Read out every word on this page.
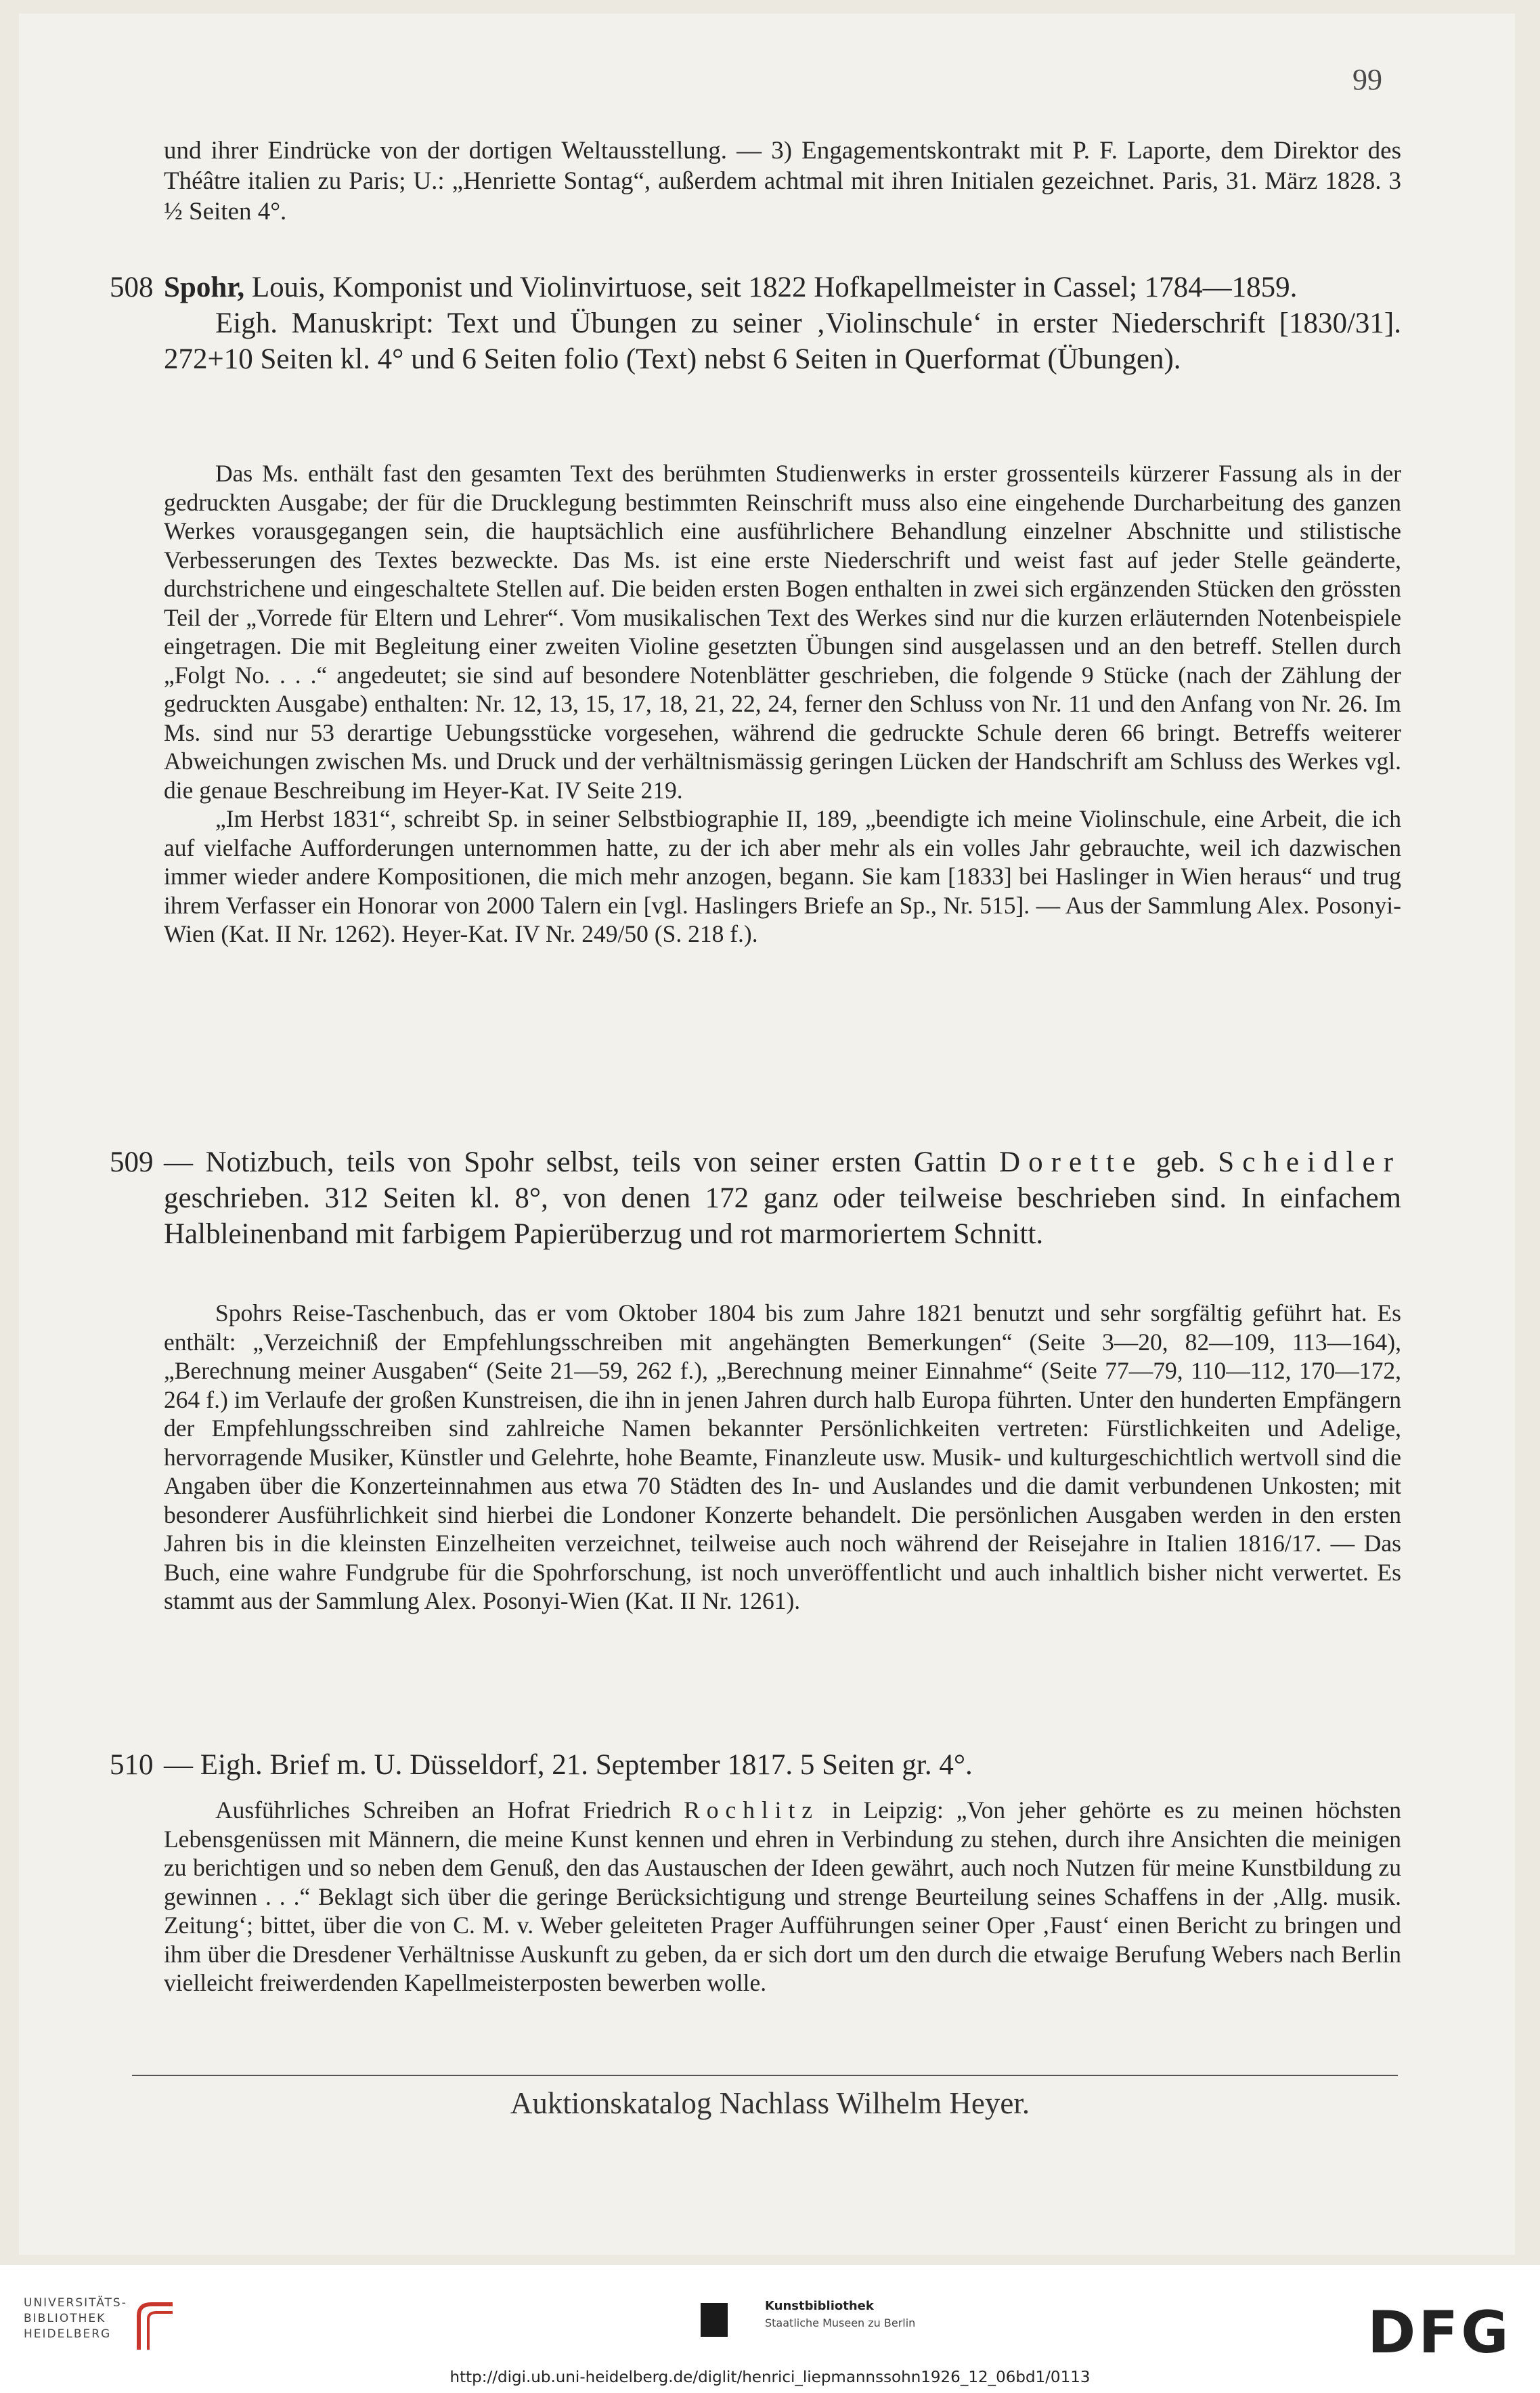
99

und ihrer Eindrücke von der dortigen Weltausstellung. — 3) Engagementskontrakt mit P. F. Laporte, dem Direktor des Théâtre italien zu Paris; U.: „Henriette Sontag“, außerdem achtmal mit ihren Initialen gezeichnet. Paris, 31. März 1828. 3 ½ Seiten 4°.

508 Spohr, Louis, Komponist und Violinvirtuose, seit 1822 Hofkapellmeister in Cassel; 1784—1859.

Eigh. Manuskript: Text und Übungen zu seiner ‚Violinschule‘ in erster Niederschrift [1830/31]. 272+10 Seiten kl. 4° und 6 Seiten folio (Text) nebst 6 Seiten in Querformat (Übungen).

Das Ms. enthält fast den gesamten Text des berühmten Studienwerks in erster grossenteils kürzerer Fassung als in der gedruckten Ausgabe; der für die Drucklegung bestimmten Reinschrift muss also eine eingehende Durcharbeitung des ganzen Werkes vorausgegangen sein, die hauptsächlich eine ausführlichere Behandlung einzelner Abschnitte und stilistische Verbesserungen des Textes bezweckte. Das Ms. ist eine erste Niederschrift und weist fast auf jeder Stelle geänderte, durchstrichene und eingeschaltete Stellen auf. Die beiden ersten Bogen enthalten in zwei sich ergänzenden Stücken den grössten Teil der „Vorrede für Eltern und Lehrer“. Vom musikalischen Text des Werkes sind nur die kurzen erläuternden Notenbeispiele eingetragen. Die mit Begleitung einer zweiten Violine gesetzten Übungen sind ausgelassen und an den betreff. Stellen durch „Folgt No. . . .“ angedeutet; sie sind auf besondere Notenblätter geschrieben, die folgende 9 Stücke (nach der Zählung der gedruckten Ausgabe) enthalten: Nr. 12, 13, 15, 17, 18, 21, 22, 24, ferner den Schluss von Nr. 11 und den Anfang von Nr. 26. Im Ms. sind nur 53 derartige Uebungsstücke vorgesehen, während die gedruckte Schule deren 66 bringt. Betreffs weiterer Abweichungen zwischen Ms. und Druck und der verhältnismässig geringen Lücken der Handschrift am Schluss des Werkes vgl. die genaue Beschreibung im Heyer-Kat. IV Seite 219.

„Im Herbst 1831“, schreibt Sp. in seiner Selbstbiographie II, 189, „beendigte ich meine Violinschule, eine Arbeit, die ich auf vielfache Aufforderungen unternommen hatte, zu der ich aber mehr als ein volles Jahr gebrauchte, weil ich dazwischen immer wieder andere Kompositionen, die mich mehr anzogen, begann. Sie kam [1833] bei Haslinger in Wien heraus“ und trug ihrem Verfasser ein Honorar von 2000 Talern ein [vgl. Haslingers Briefe an Sp., Nr. 515]. — Aus der Sammlung Alex. Posonyi-Wien (Kat. II Nr. 1262). Heyer-Kat. IV Nr. 249/50 (S. 218 f.).

509 — Notizbuch, teils von Spohr selbst, teils von seiner ersten Gattin Dorette geb. Scheidler geschrieben. 312 Seiten kl. 8°, von denen 172 ganz oder teilweise beschrieben sind. In einfachem Halbleinenband mit farbigem Papierüberzug und rot marmoriertem Schnitt.

Spohrs Reise-Taschenbuch, das er vom Oktober 1804 bis zum Jahre 1821 benutzt und sehr sorgfältig geführt hat. Es enthält: „Verzeichniß der Empfehlungsschreiben mit angehängten Bemerkungen“ (Seite 3—20, 82—109, 113—164), „Berechnung meiner Ausgaben“ (Seite 21—59, 262 f.), „Berechnung meiner Einnahme“ (Seite 77—79, 110—112, 170—172, 264 f.) im Verlaufe der großen Kunstreisen, die ihn in jenen Jahren durch halb Europa führten. Unter den hunderten Empfängern der Empfehlungsschreiben sind zahlreiche Namen bekannter Persönlichkeiten vertreten: Fürstlichkeiten und Adelige, hervorragende Musiker, Künstler und Gelehrte, hohe Beamte, Finanzleute usw. Musik- und kulturgeschichtlich wertvoll sind die Angaben über die Konzerteinnahmen aus etwa 70 Städten des In- und Auslandes und die damit verbundenen Unkosten; mit besonderer Ausführlichkeit sind hierbei die Londoner Konzerte behandelt. Die persönlichen Ausgaben werden in den ersten Jahren bis in die kleinsten Einzelheiten verzeichnet, teilweise auch noch während der Reisejahre in Italien 1816/17. — Das Buch, eine wahre Fundgrube für die Spohrforschung, ist noch unveröffentlicht und auch inhaltlich bisher nicht verwertet. Es stammt aus der Sammlung Alex. Posonyi-Wien (Kat. II Nr. 1261).

510 — Eigh. Brief m. U. Düsseldorf, 21. September 1817. 5 Seiten gr. 4°.

Ausführliches Schreiben an Hofrat Friedrich Rochlitz in Leipzig: „Von jeher gehörte es zu meinen höchsten Lebensgenüssen mit Männern, die meine Kunst kennen und ehren in Verbindung zu stehen, durch ihre Ansichten die meinigen zu berichtigen und so neben dem Genuß, den das Austauschen der Ideen gewährt, auch noch Nutzen für meine Kunstbildung zu gewinnen . . .“ Beklagt sich über die geringe Berücksichtigung und strenge Beurteilung seines Schaffens in der ‚Allg. musik. Zeitung‘; bittet, über die von C. M. v. Weber geleiteten Prager Aufführungen seiner Oper ‚Faust‘ einen Bericht zu bringen und ihm über die Dresdener Verhältnisse Auskunft zu geben, da er sich dort um den durch die etwaige Berufung Webers nach Berlin vielleicht freiwerdenden Kapellmeisterposten bewerben wolle.

Auktionskatalog Nachlass Wilhelm Heyer.
UNIVERSITÄTS-
BIBLIOTHEK
HEIDELBERG
Kunstbibliothek
Staatliche Museen zu Berlin	DFG
http://digi.ub.uni-heidelberg.de/diglit/henrici_liepmannssohn1926_12_06bd1/0113
